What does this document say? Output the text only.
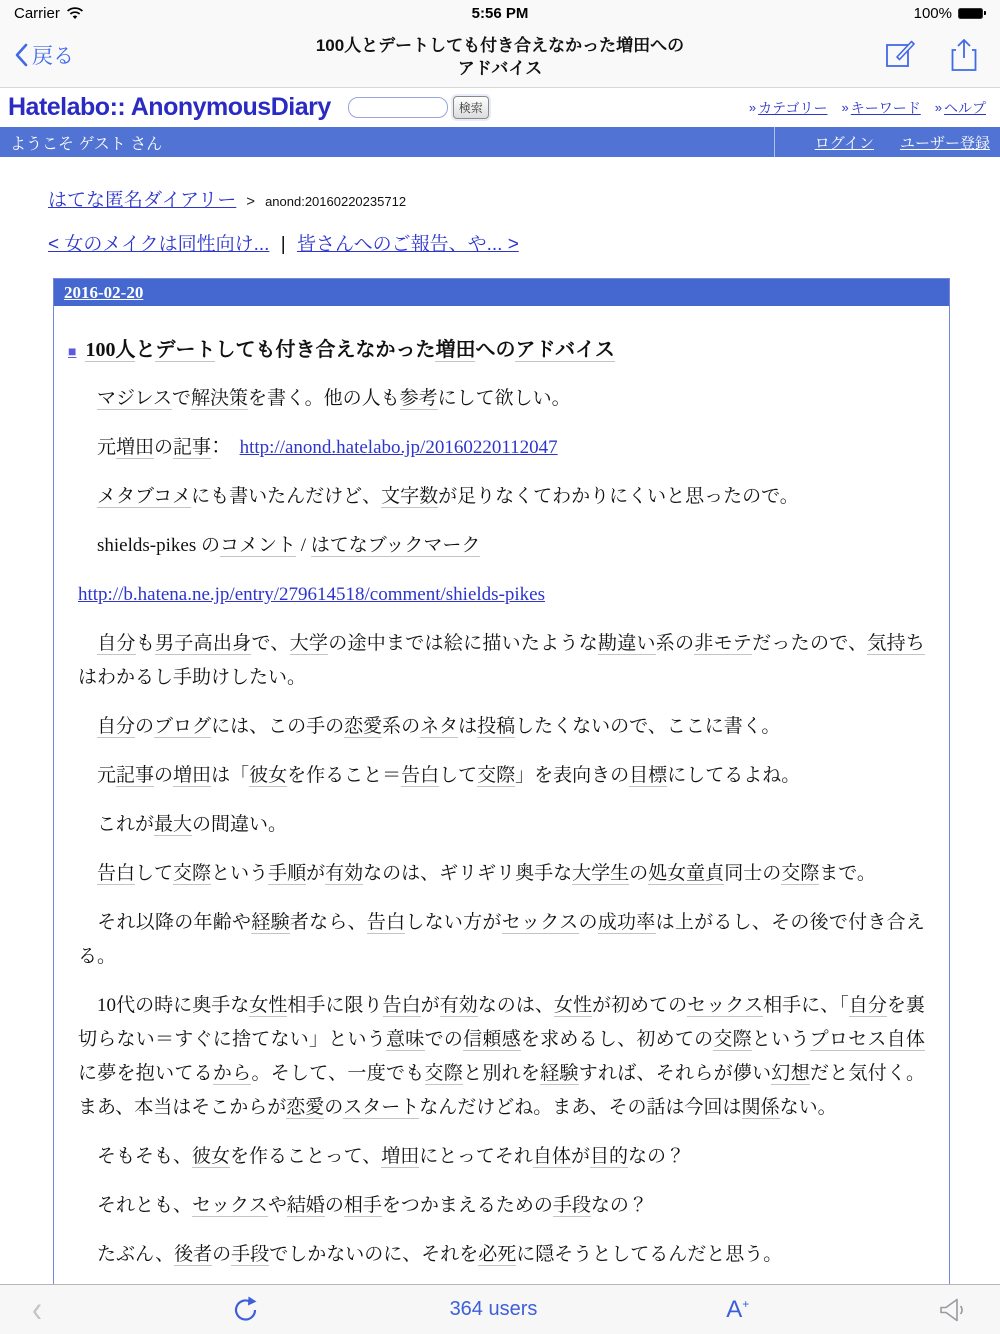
Carrier	5:56 PM	100%
戻る	100人とデートしても付き合えなかった増田への
アドバイス
Hatelabo:: AnonymousDiary	検索	» カテゴリー » キーワード » ヘルプ
ようこそ ゲスト さん	ログイン ユーザー登録
はてな匿名ダイアリー > anond:20160220235712
< 女のメイクは同性向け... | 皆さんへのご報告、や... >
2016-02-20
■ 100人とデートしても付き合えなかった増田へのアドバイス

　マジレスで解決策を書く。他の人も参考にして欲しい。

　元増田の記事：　http://anond.hatelabo.jp/20160220112047

　メタブコメにも書いたんだけど、文字数が足りなくてわかりにくいと思ったので。

　shields-pikes のコメント / はてなブックマーク

http://b.hatena.ne.jp/entry/279614518/comment/shields-pikes

　自分も男子高出身で、大学の途中までは絵に描いたような勘違い系の非モテだったので、気持ちはわかるし手助けしたい。

　自分のブログには、この手の恋愛系のネタは投稿したくないので、ここに書く。

　元記事の増田は「彼女を作ること＝告白して交際」を表向きの目標にしてるよね。

　これが最大の間違い。

　告白して交際という手順が有効なのは、ギリギリ奥手な大学生の処女童貞同士の交際まで。

　それ以降の年齢や経験者なら、告白しない方がセックスの成功率は上がるし、その後で付き合える。

　10代の時に奥手な女性相手に限り告白が有効なのは、女性が初めてのセックス相手に、「自分を裏切らない＝すぐに捨てない」という意味での信頼感を求めるし、初めての交際というプロセス自体に夢を抱いてるから。そして、一度でも交際と別れを経験すれば、それらが儚い幻想だと気付く。まあ、本当はそこからが恋愛のスタートなんだけどね。まあ、その話は今回は関係ない。

　そもそも、彼女を作ることって、増田にとってそれ自体が目的なの？

　それとも、セックスや結婚の相手をつかまえるための手段なの？

　たぶん、後者の手段でしかないのに、それを必死に隠そうとしてるんだと思う。

‹	364 users	A+
